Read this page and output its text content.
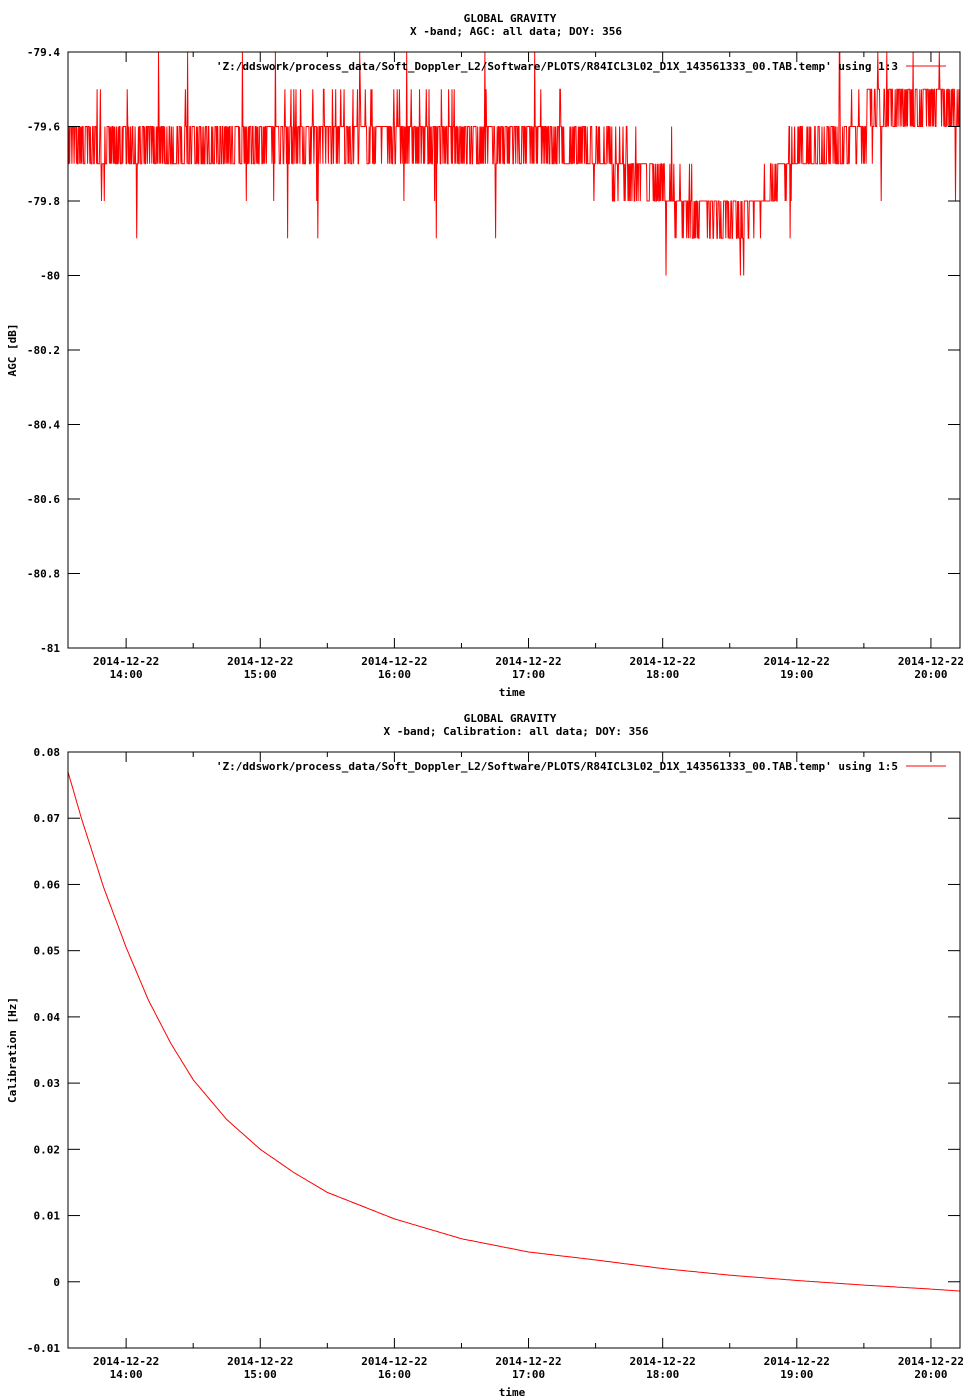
GLOBAL GRAVITY
X -band; AGC: all data; DOY: 356
-79.4
-79.6
-79.8
-80
-80.2
-80.4
-80.6
-80.8
-81
2014-12-22
14:00
2014-12-22
15:00
2014-12-22
16:00
2014-12-22
17:00
2014-12-22
18:00
2014-12-22
19:00
2014-12-22
20:00
AGC [dB]
time
'Z:/ddswork/process_data/Soft_Doppler_L2/Software/PLOTS/R84ICL3L02_D1X_143561333_00.TAB.temp' using 1:3
GLOBAL GRAVITY
X -band; Calibration: all data; DOY: 356
0.08
0.07
0.06
0.05
0.04
0.03
0.02
0.01
0
-0.01
2014-12-22
14:00
2014-12-22
15:00
2014-12-22
16:00
2014-12-22
17:00
2014-12-22
18:00
2014-12-22
19:00
2014-12-22
20:00
Calibration [Hz]
time
'Z:/ddswork/process_data/Soft_Doppler_L2/Software/PLOTS/R84ICL3L02_D1X_143561333_00.TAB.temp' using 1:5
